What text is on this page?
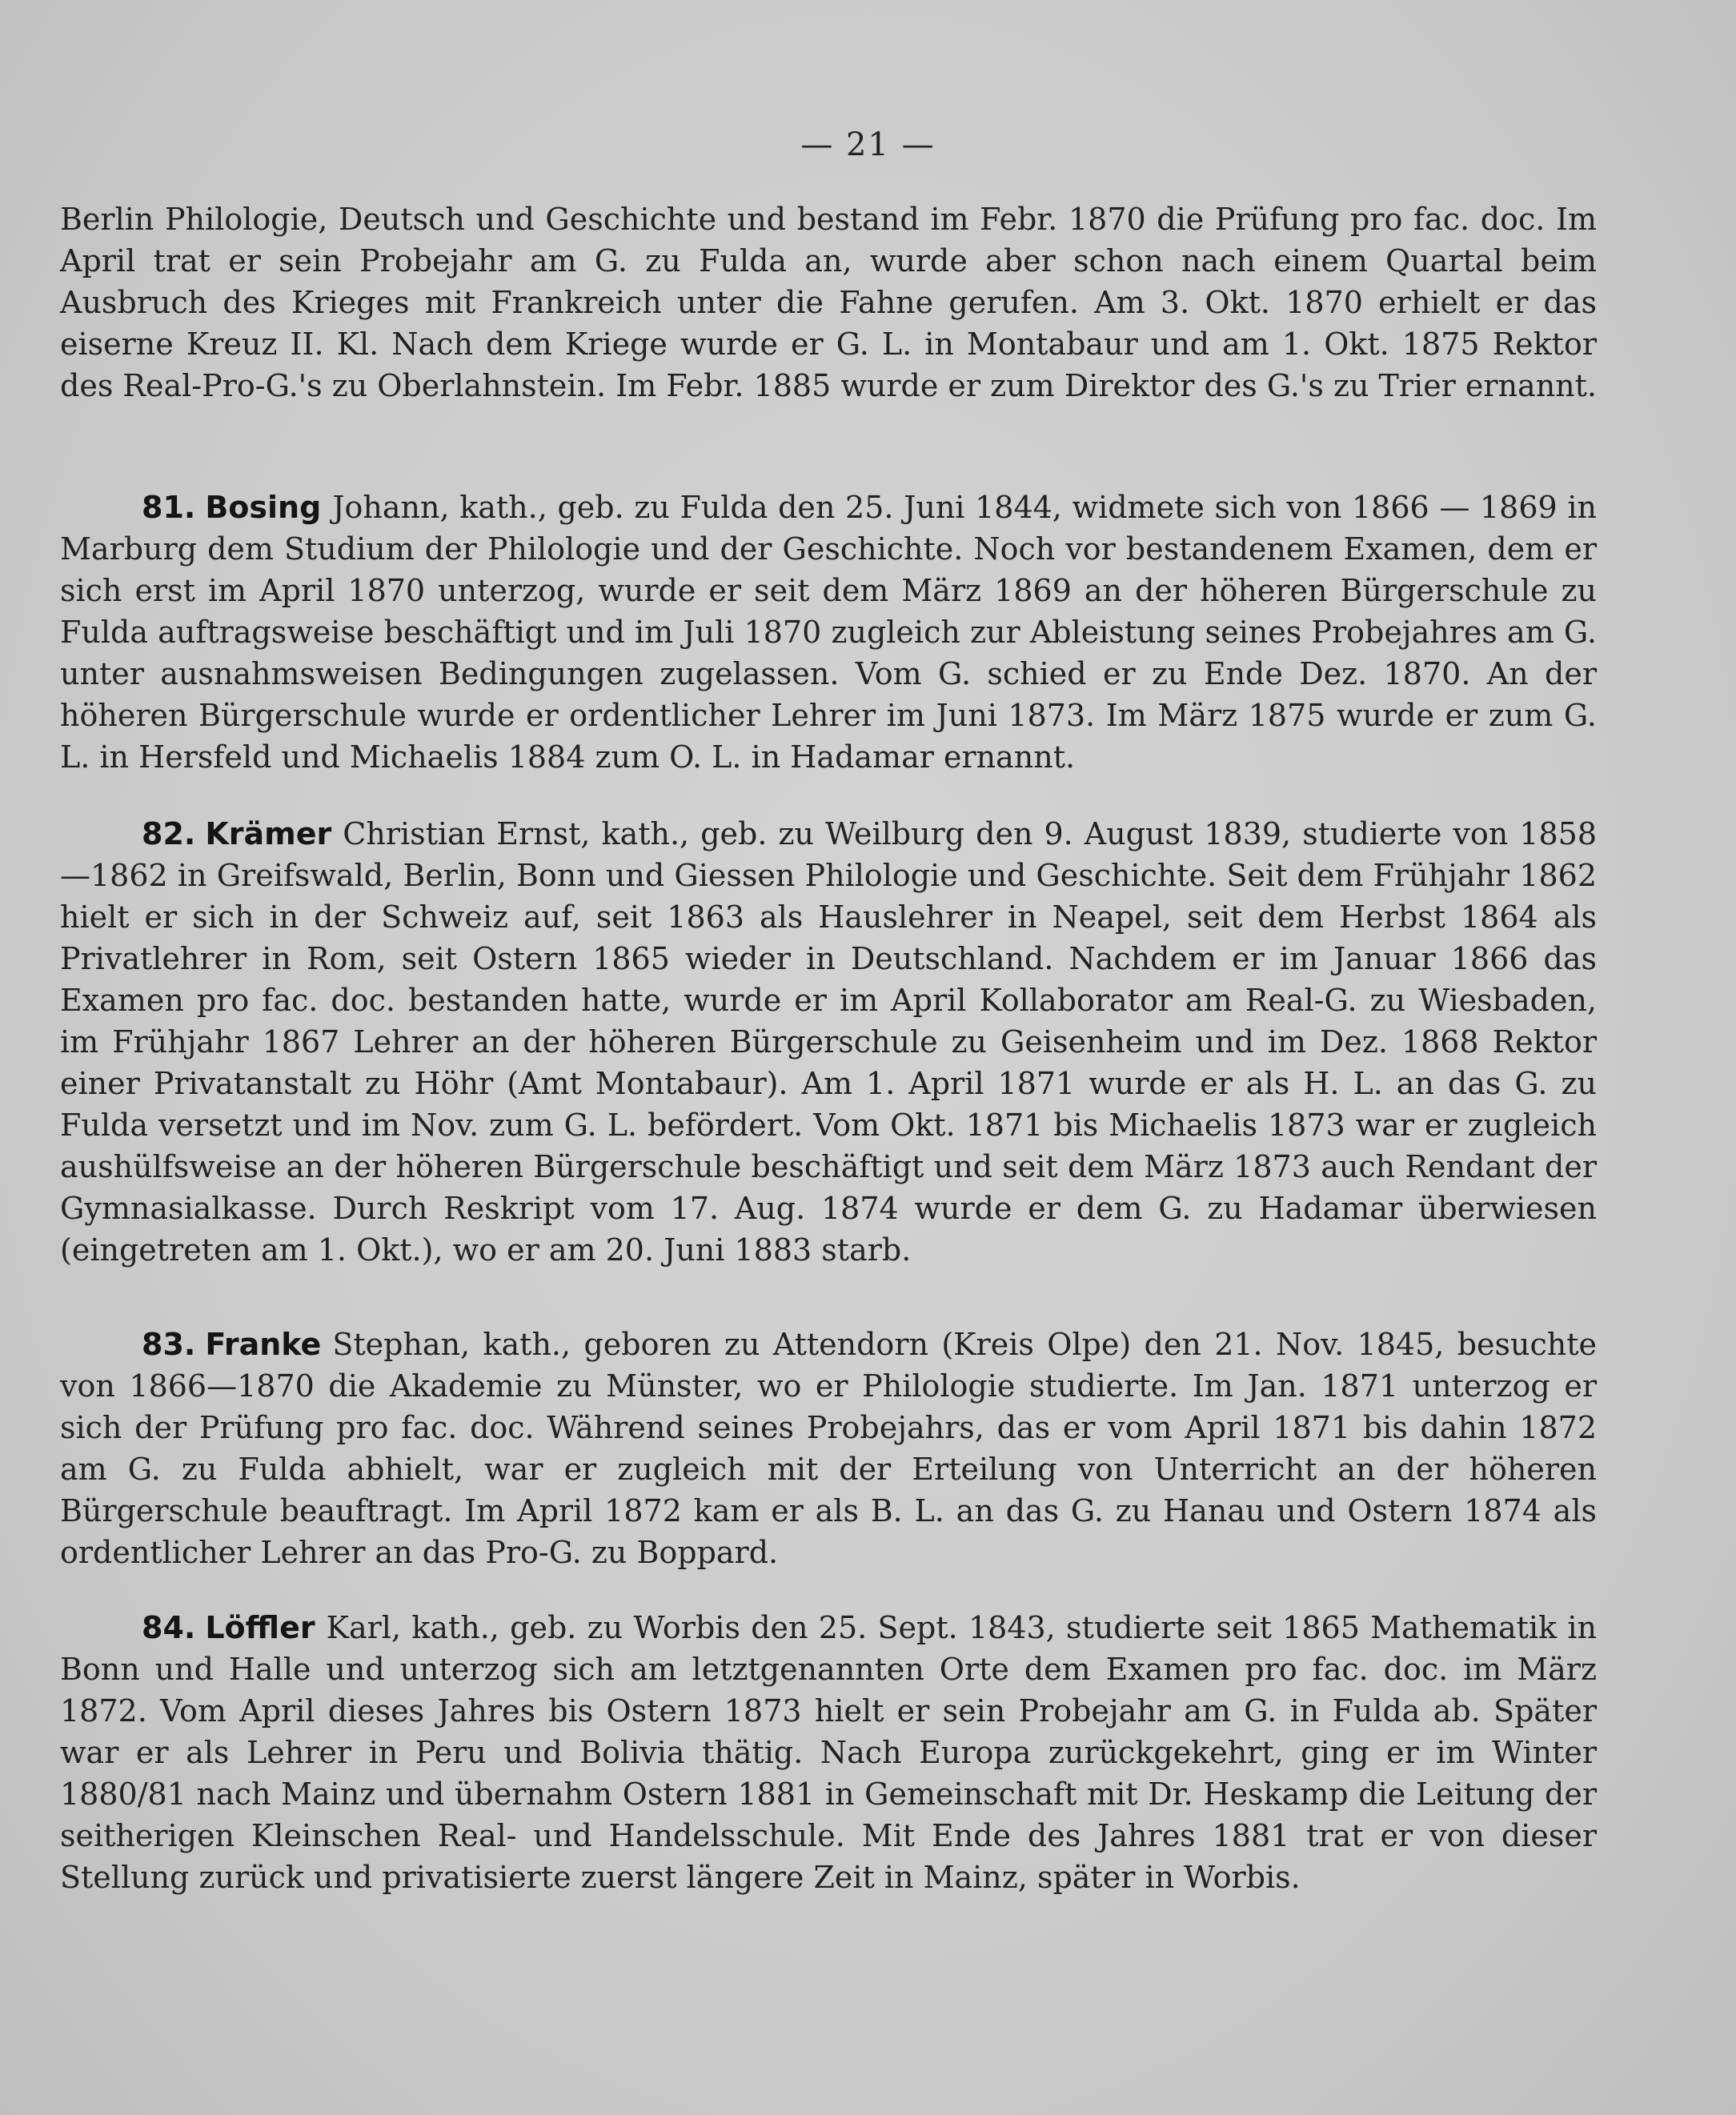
— 21 —

Berlin Philologie, Deutsch und Geschichte und bestand im Febr. 1870 die Prüfung pro fac. doc. Im April trat er sein Probejahr am G. zu Fulda an, wurde aber schon nach einem Quartal beim Ausbruch des Krieges mit Frankreich unter die Fahne gerufen. Am 3. Okt. 1870 erhielt er das eiserne Kreuz II. Kl. Nach dem Kriege wurde er G. L. in Montabaur und am 1. Okt. 1875 Rektor des Real-Pro-G.'s zu Oberlahnstein. Im Febr. 1885 wurde er zum Direktor des G.'s zu Trier ernannt.

81. Bosing Johann, kath., geb. zu Fulda den 25. Juni 1844, widmete sich von 1866 — 1869 in Marburg dem Studium der Philologie und der Geschichte. Noch vor bestandenem Examen, dem er sich erst im April 1870 unterzog, wurde er seit dem März 1869 an der höheren Bürgerschule zu Fulda auftragsweise beschäftigt und im Juli 1870 zugleich zur Ableistung seines Probejahres am G. unter ausnahmsweisen Bedingungen zugelassen. Vom G. schied er zu Ende Dez. 1870. An der höheren Bürgerschule wurde er ordentlicher Lehrer im Juni 1873. Im März 1875 wurde er zum G. L. in Hersfeld und Michaelis 1884 zum O. L. in Hadamar ernannt.

82. Krämer Christian Ernst, kath., geb. zu Weilburg den 9. August 1839, studierte von 1858—1862 in Greifswald, Berlin, Bonn und Giessen Philologie und Geschichte. Seit dem Frühjahr 1862 hielt er sich in der Schweiz auf, seit 1863 als Hauslehrer in Neapel, seit dem Herbst 1864 als Privatlehrer in Rom, seit Ostern 1865 wieder in Deutschland. Nachdem er im Januar 1866 das Examen pro fac. doc. bestanden hatte, wurde er im April Kollaborator am Real-G. zu Wiesbaden, im Frühjahr 1867 Lehrer an der höheren Bürgerschule zu Geisenheim und im Dez. 1868 Rektor einer Privatanstalt zu Höhr (Amt Montabaur). Am 1. April 1871 wurde er als H. L. an das G. zu Fulda versetzt und im Nov. zum G. L. befördert. Vom Okt. 1871 bis Michaelis 1873 war er zugleich aushülfsweise an der höheren Bürgerschule beschäftigt und seit dem März 1873 auch Rendant der Gymnasialkasse. Durch Reskript vom 17. Aug. 1874 wurde er dem G. zu Hadamar überwiesen (eingetreten am 1. Okt.), wo er am 20. Juni 1883 starb.

83. Franke Stephan, kath., geboren zu Attendorn (Kreis Olpe) den 21. Nov. 1845, besuchte von 1866—1870 die Akademie zu Münster, wo er Philologie studierte. Im Jan. 1871 unterzog er sich der Prüfung pro fac. doc. Während seines Probejahrs, das er vom April 1871 bis dahin 1872 am G. zu Fulda abhielt, war er zugleich mit der Erteilung von Unterricht an der höheren Bürgerschule beauftragt. Im April 1872 kam er als B. L. an das G. zu Hanau und Ostern 1874 als ordentlicher Lehrer an das Pro-G. zu Boppard.

84. Löffler Karl, kath., geb. zu Worbis den 25. Sept. 1843, studierte seit 1865 Mathematik in Bonn und Halle und unterzog sich am letztgenannten Orte dem Examen pro fac. doc. im März 1872. Vom April dieses Jahres bis Ostern 1873 hielt er sein Probejahr am G. in Fulda ab. Später war er als Lehrer in Peru und Bolivia thätig. Nach Europa zurückgekehrt, ging er im Winter 1880/81 nach Mainz und übernahm Ostern 1881 in Gemeinschaft mit Dr. Heskamp die Leitung der seitherigen Kleinschen Real- und Handelsschule. Mit Ende des Jahres 1881 trat er von dieser Stellung zurück und privatisierte zuerst längere Zeit in Mainz, später in Worbis.
